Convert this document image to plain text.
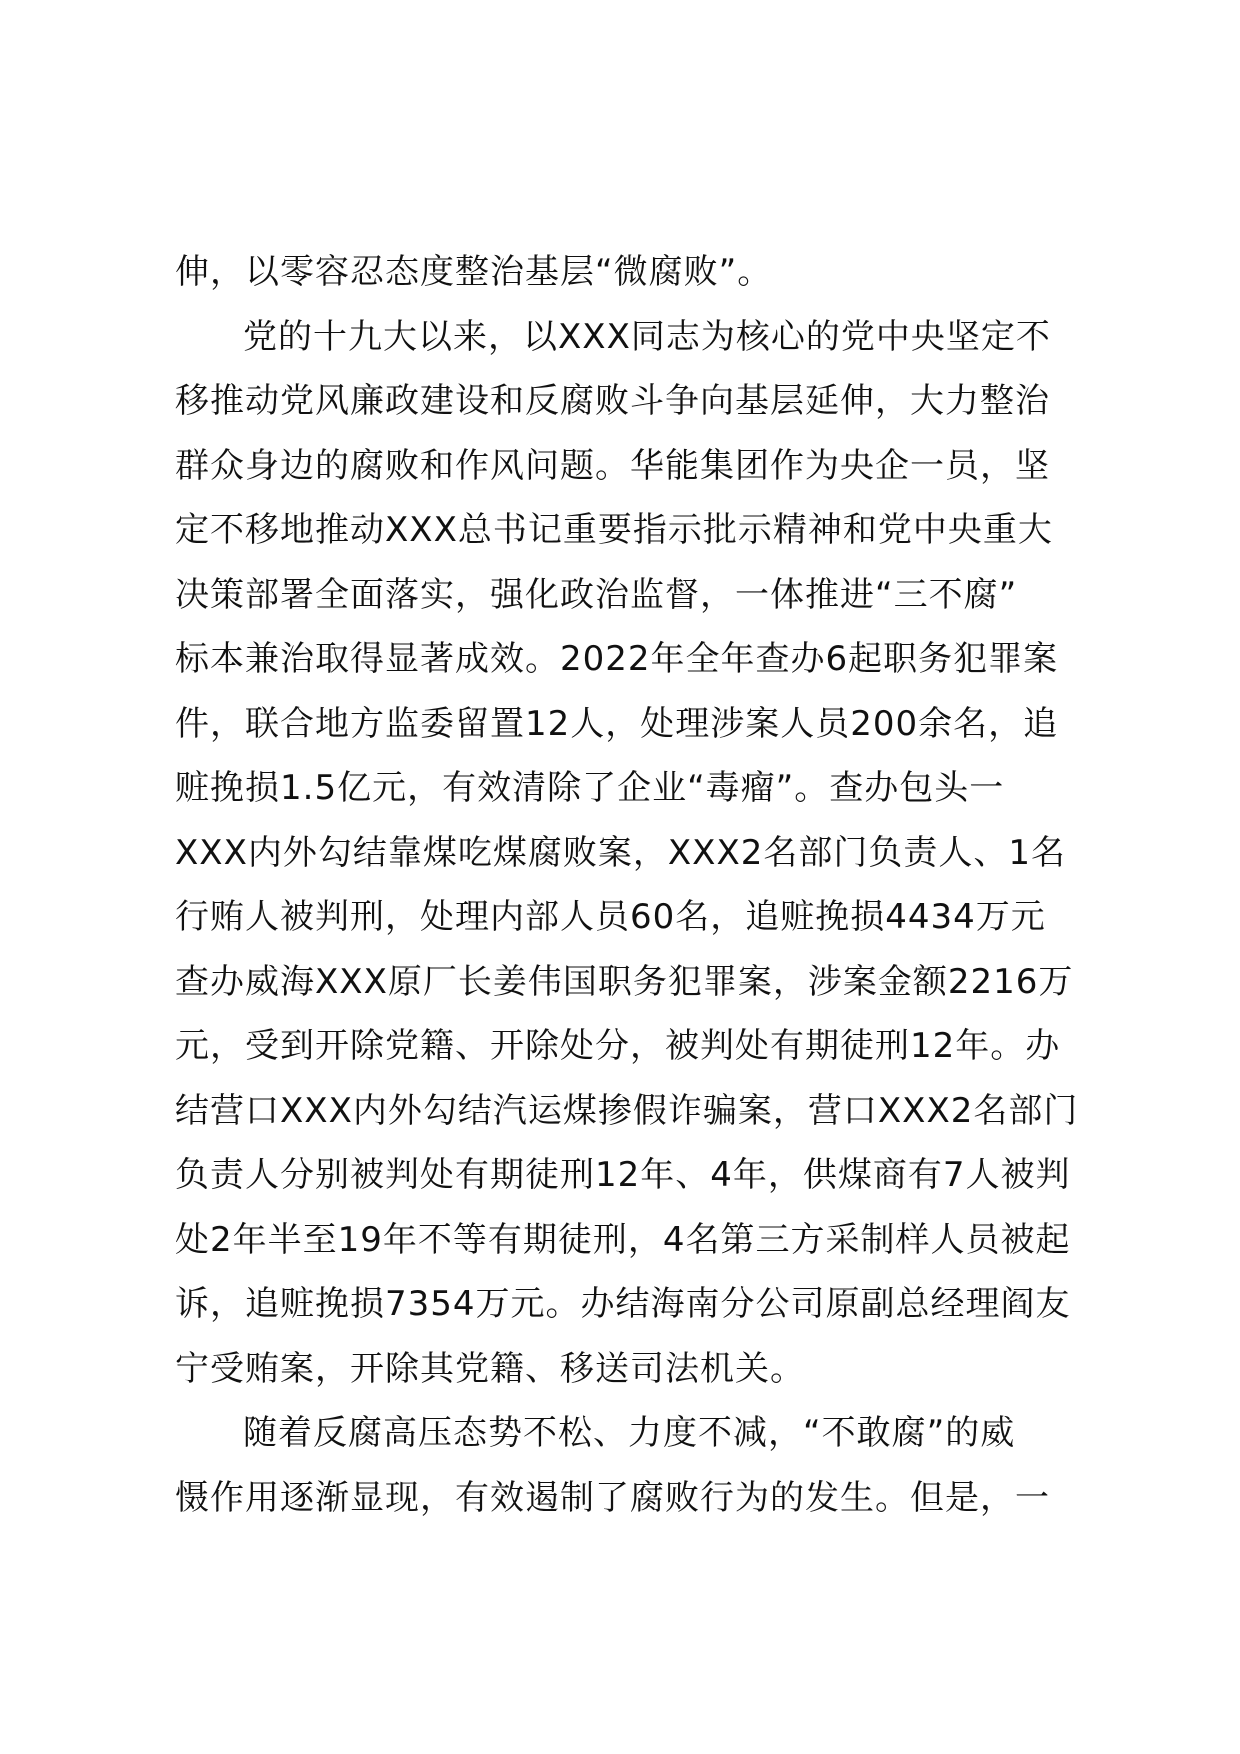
伸，以零容忍态度整治基层“微腐败”。
党的十九大以来，以XXX同志为核心的党中央坚定不
移推动党风廉政建设和反腐败斗争向基层延伸，大力整治
群众身边的腐败和作风问题。华能集团作为央企一员，坚
定不移地推动XXX总书记重要指示批示精神和党中央重大
决策部署全面落实，强化政治监督，一体推进“三不腐”
标本兼治取得显著成效。2022年全年查办6起职务犯罪案
件，联合地方监委留置12人，处理涉案人员200余名，追
赃挽损1.5亿元，有效清除了企业“毒瘤”。查办包头一
XXX内外勾结靠煤吃煤腐败案，XXX2名部门负责人、1名
行贿人被判刑，处理内部人员60名，追赃挽损4434万元
查办威海XXX原厂长姜伟国职务犯罪案，涉案金额2216万
元，受到开除党籍、开除处分，被判处有期徒刑12年。办
结营口XXX内外勾结汽运煤掺假诈骗案，营口XXX2名部门
负责人分别被判处有期徒刑12年、4年，供煤商有7人被判
处2年半至19年不等有期徒刑，4名第三方采制样人员被起
诉，追赃挽损7354万元。办结海南分公司原副总经理阎友
宁受贿案，开除其党籍、移送司法机关。
随着反腐高压态势不松、力度不减，“不敢腐”的威
慑作用逐渐显现，有效遏制了腐败行为的发生。但是，一
